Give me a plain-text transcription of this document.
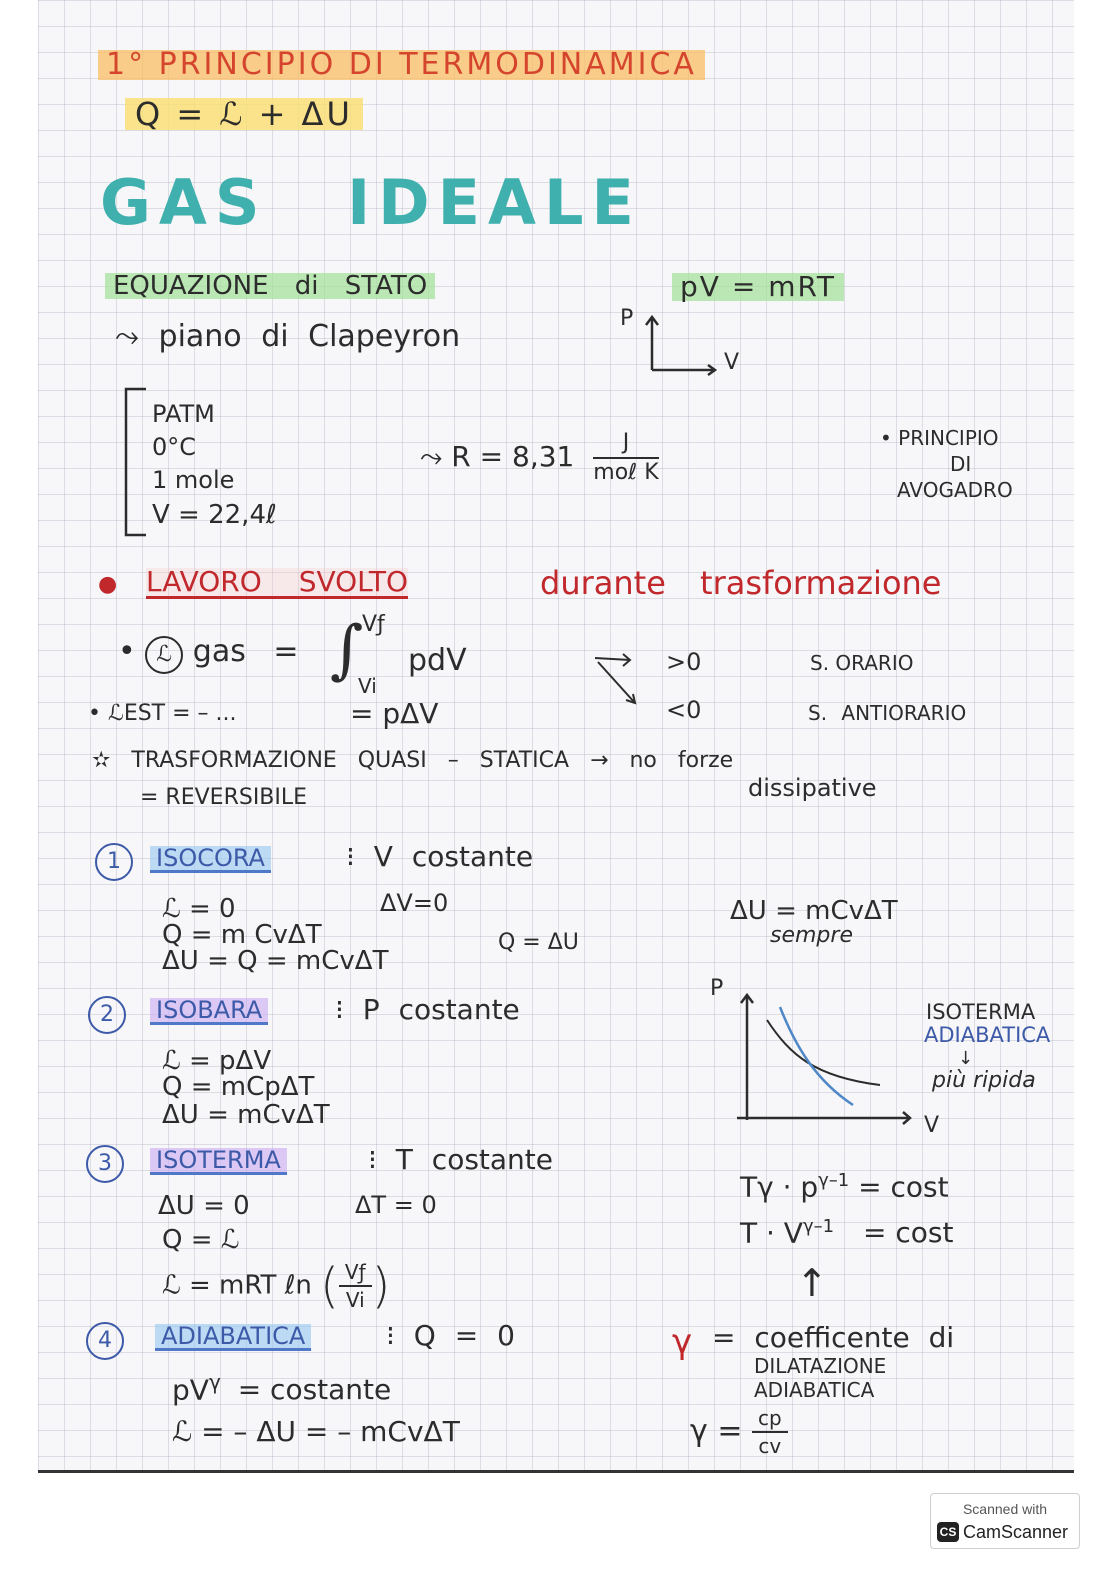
1° PRINCIPIO DI TERMODINAMICA
Q = ℒ + ΔU
GAS IDEALE
EQUAZIONE di STATO	pV = mRT
⤳ piano di Clapeyron
P
V
PATM
0°C
1 mole
V = 22,4ℓ
⤳ $R = 8,31 \frac{J}{\text{moℓ K}}$	• PRINCIPIO
DI
AVOGADRO
● LAVORO SVOLTO	durante trasformazione
• ℒ gas = ∫
Vƒ
Vi
pdV
• ℒEST = – ...	= pΔV
>0
<0
S. ORARIO
S. ANTIORARIO
✫ TRASFORMAZIONE QUASI – STATICA → no forze
dissipative
= REVERSIBILE
1	ISOCORA	⁝ V costante
ℒ = 0	ΔV=0
Q = m CvΔT	Q = ΔU
ΔU = Q = mCvΔT
ΔU = mCvΔT
sempre
2	ISOBARA	⁝ P costante
ℒ = pΔV
Q = mCpΔT
ΔU = mCvΔT
P
V
ISOTERMA
ADIABATICA
↓
più ripida
3	ISOTERMA	⁝ T costante
ΔU = 0	ΔT = 0
Q = ℒ
ℒ = mRT ℓn ( $\frac{Vƒ}{Vi}$ )
$T\gamma \cdot p^{\gamma-1} = \cos t$
$T \cdot V^{\gamma-1} = \cos t$
↑
4	ADIABATICA	⁝ Q = 0
$pV^\gamma$ = costante
ℒ = – ΔU = – mCvΔT
γ = coefficente di
DILATAZIONE
ADIABATICA
$\gamma = \frac{cp}{cv}$
Scanned with
CS CamScanner
